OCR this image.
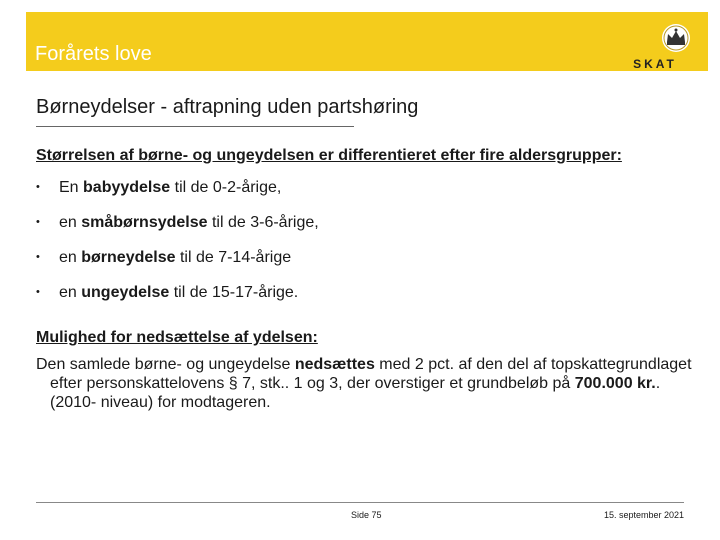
Forårets love	SKAT
Børneydelser - aftrapning uden partshøring

Størrelsen af børne- og ungeydelsen er differentieret efter fire aldersgrupper:

• En babyydelse til de 0-2-årige,
• en småbørnsydelse til de 3-6-årige,
• en børneydelse til de 7-14-årige
• en ungeydelse til de 15-17-årige.

Mulighed for nedsættelse af ydelsen:

Den samlede børne- og ungeydelse nedsættes med 2 pct. af den del af topskattegrundlaget efter personskattelovens § 7, stk.. 1 og 3, der overstiger et grundbeløb på 700.000 kr.. (2010- niveau) for modtageren.

Side 75	15. september 2021
